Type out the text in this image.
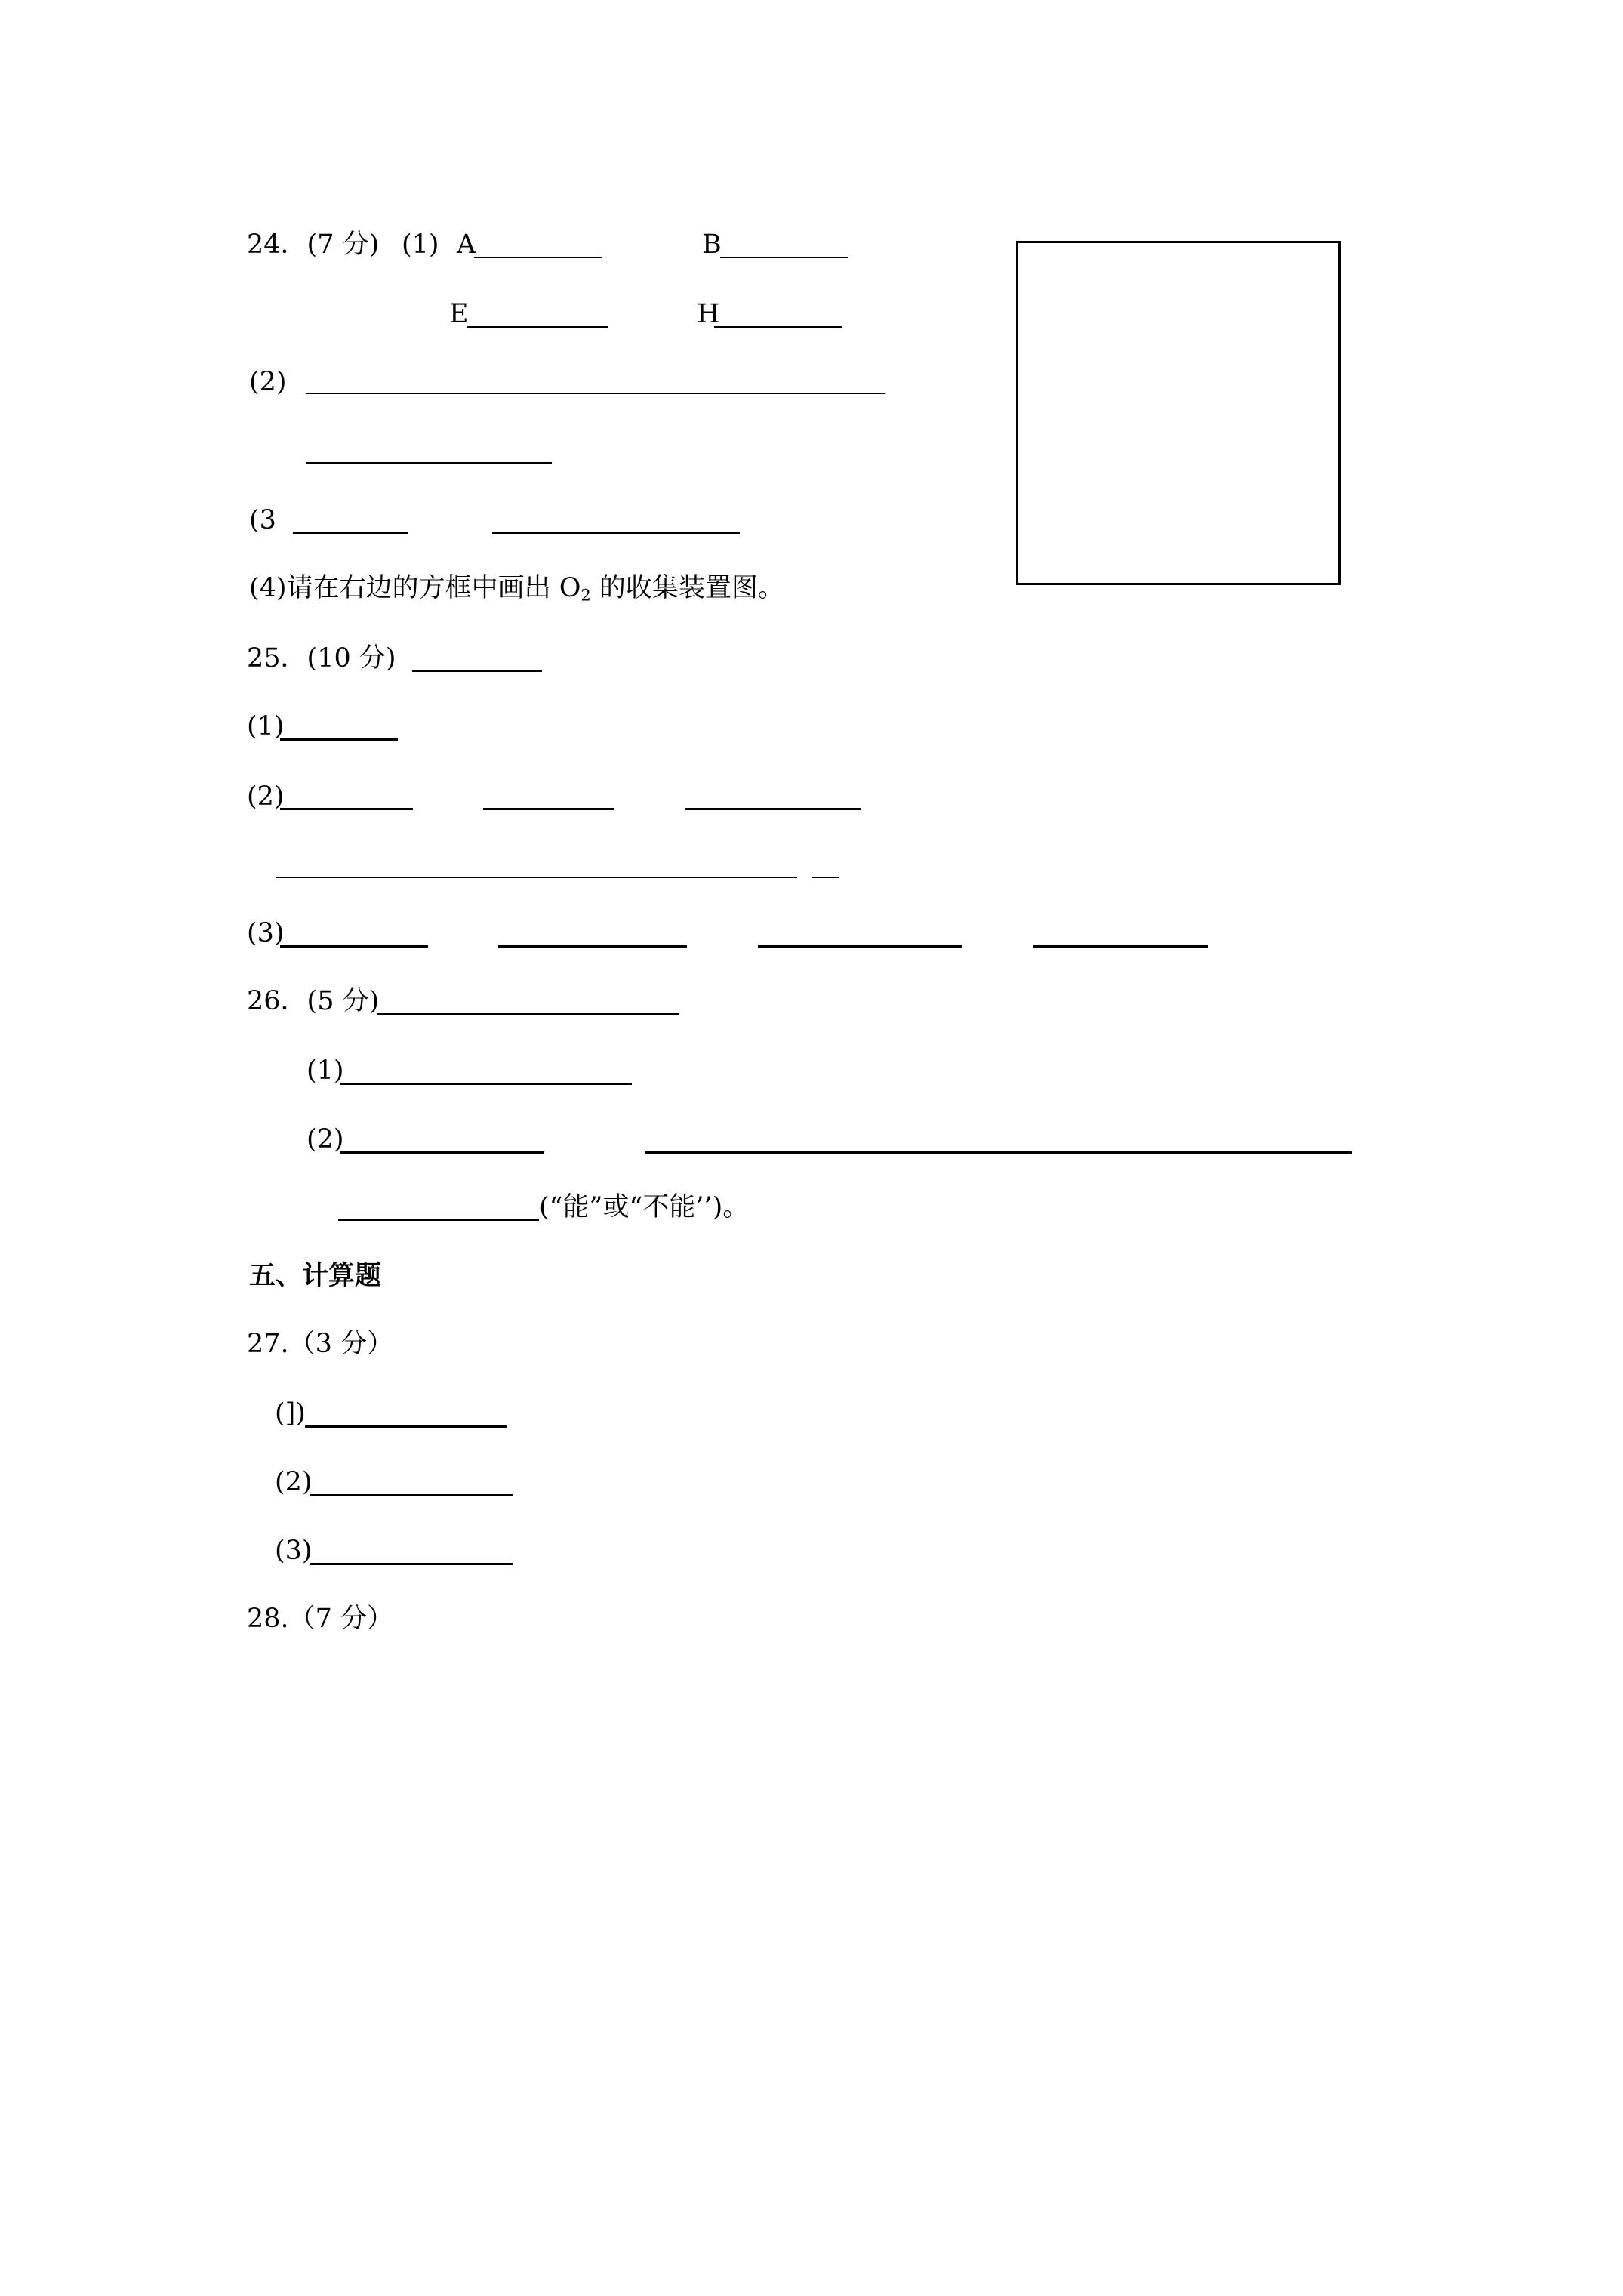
24．(7 分) (1) A	B
E	H
(2)
(3
(4)请在右边的方框中画出 $O_2$ 的收集装置图。
25．(10 分)
(1)
(2)
(3)
26．(5 分)
(1)
(2)
(“能”或“不能’’)。
五、计算题
27.（3 分）
(])
(2)
(3)
28.（7 分）
